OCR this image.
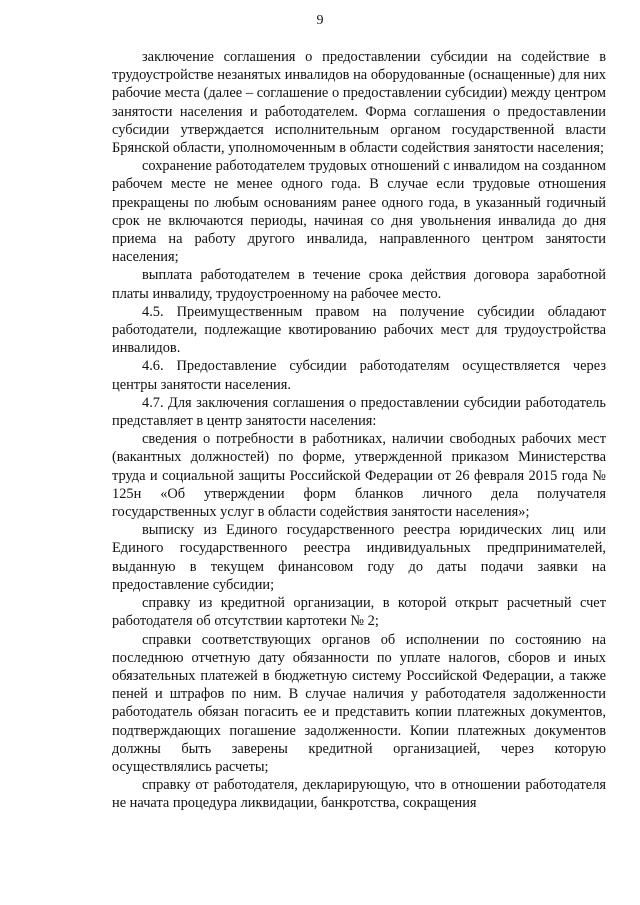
9

заключение соглашения о предоставлении субсидии на содействие в трудоустройстве незанятых инвалидов на оборудованные (оснащенные) для них рабочие места (далее – соглашение о предоставлении субсидии) между центром занятости населения и работодателем. Форма соглашения о предоставлении субсидии утверждается исполнительным органом государственной власти Брянской области, уполномоченным в области содействия занятости населения;

сохранение работодателем трудовых отношений с инвалидом на созданном рабочем месте не менее одного года. В случае если трудовые отношения прекращены по любым основаниям ранее одного года, в указанный годичный срок не включаются периоды, начиная со дня увольнения инвалида до дня приема на работу другого инвалида, направленного центром занятости населения;

выплата работодателем в течение срока действия договора заработной платы инвалиду, трудоустроенному на рабочее место.

4.5. Преимущественным правом на получение субсидии обладают работодатели, подлежащие квотированию рабочих мест для трудоустройства инвалидов.

4.6. Предоставление субсидии работодателям осуществляется через центры занятости населения.

4.7. Для заключения соглашения о предоставлении субсидии работодатель представляет в центр занятости населения:

сведения о потребности в работниках, наличии свободных рабочих мест (вакантных должностей) по форме, утвержденной приказом Министерства труда и социальной защиты Российской Федерации от 26 февраля 2015 года № 125н «Об утверждении форм бланков личного дела получателя государственных услуг в области содействия занятости населения»;

выписку из Единого государственного реестра юридических лиц или Единого государственного реестра индивидуальных предпринимателей, выданную в текущем финансовом году до даты подачи заявки на предоставление субсидии;

справку из кредитной организации, в которой открыт расчетный счет работодателя об отсутствии картотеки № 2;

справки соответствующих органов об исполнении по состоянию на последнюю отчетную дату обязанности по уплате налогов, сборов и иных обязательных платежей в бюджетную систему Российской Федерации, а также пеней и штрафов по ним. В случае наличия у работодателя задолженности работодатель обязан погасить ее и представить копии платежных документов, подтверждающих погашение задолженности. Копии платежных документов должны быть заверены кредитной организацией, через которую осуществлялись расчеты;

справку от работодателя, декларирующую, что в отношении работодателя не начата процедура ликвидации, банкротства, сокращения
